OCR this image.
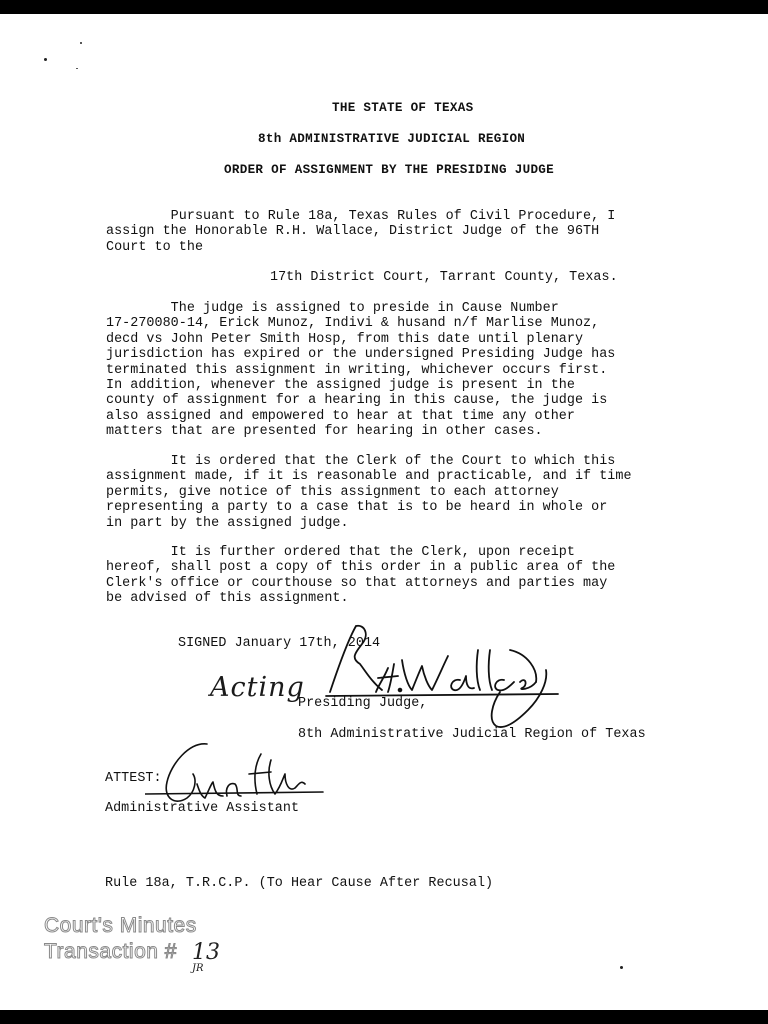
THE STATE OF TEXAS
8th ADMINISTRATIVE JUDICIAL REGION
ORDER OF ASSIGNMENT BY THE PRESIDING JUDGE
Pursuant to Rule 18a, Texas Rules of Civil Procedure, I
assign the Honorable R.H. Wallace, District Judge of the 96TH
Court to the
17th District Court, Tarrant County, Texas.
The judge is assigned to preside in Cause Number
17-270080-14, Erick Munoz, Indivi & husand n/f Marlise Munoz,
decd vs John Peter Smith Hosp, from this date until plenary
jurisdiction has expired or the undersigned Presiding Judge has
terminated this assignment in writing, whichever occurs first.
In addition, whenever the assigned judge is present in the
county of assignment for a hearing in this cause, the judge is
also assigned and empowered to hear at that time any other
matters that are presented for hearing in other cases.
It is ordered that the Clerk of the Court to which this
assignment made, if it is reasonable and practicable, and if time
permits, give notice of this assignment to each attorney
representing a party to a case that is to be heard in whole or
in part by the assigned judge.
It is further ordered that the Clerk, upon receipt
hereof, shall post a copy of this order in a public area of the
Clerk's office or courthouse so that attorneys and parties may
be advised of this assignment.
SIGNED January 17th, 2014
Acting
Presiding Judge,
8th Administrative Judicial Region of Texas
ATTEST:
Administrative Assistant
Rule 18a, T.R.C.P. (To Hear Cause After Recusal)
Court's Minutes
Transaction # 13
JR
